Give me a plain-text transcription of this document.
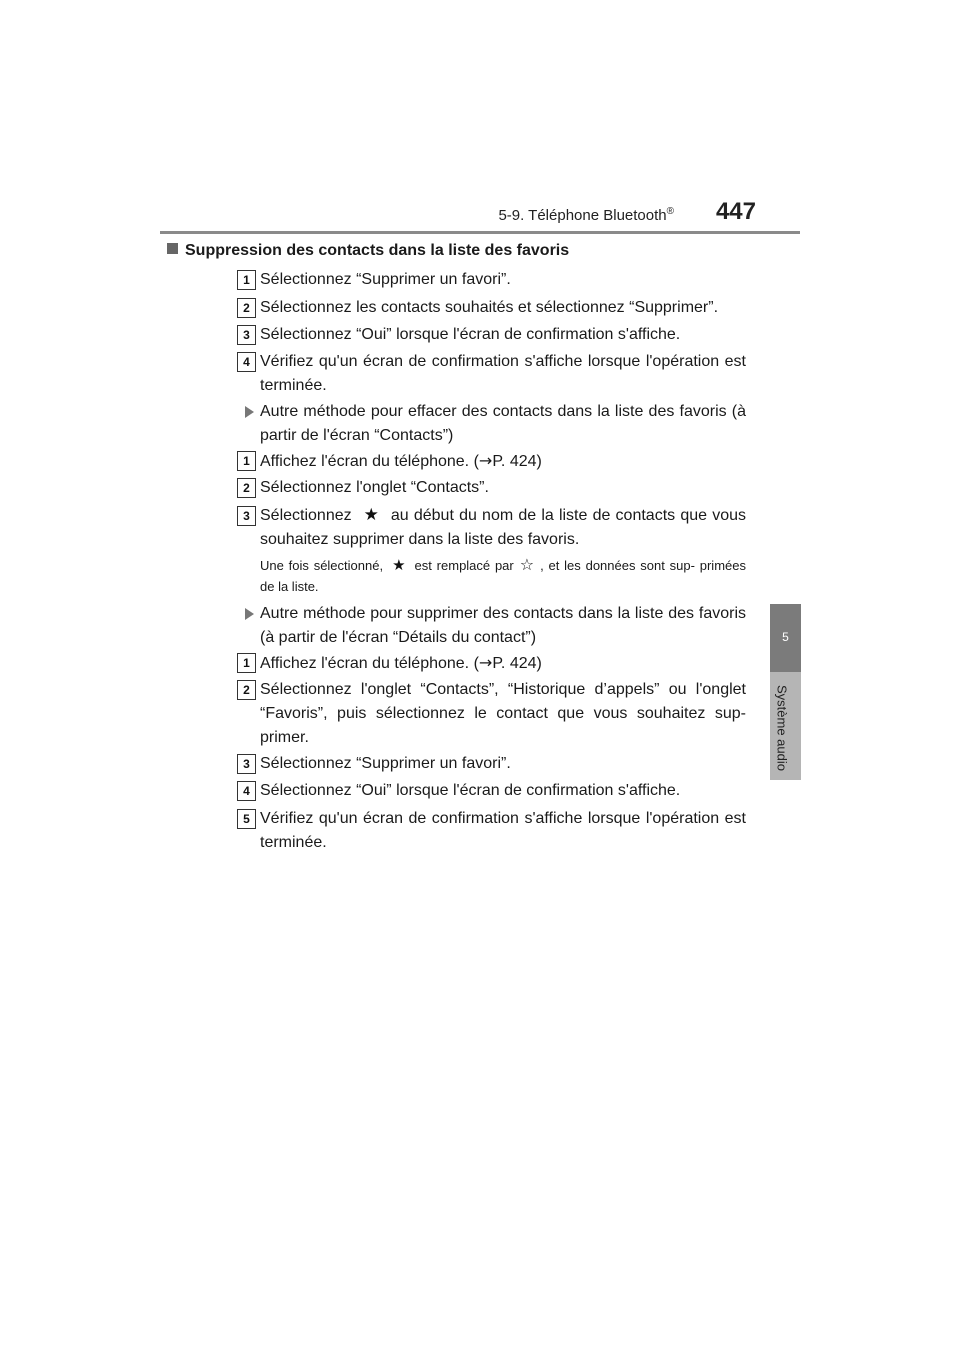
5-9. Téléphone Bluetooth® 447
5
Système audio
Suppression des contacts dans la liste des favoris
1 Sélectionnez “Supprimer un favori”.
2 Sélectionnez les contacts souhaités et sélectionnez “Supprimer”.
3 Sélectionnez “Oui” lorsque l'écran de confirmation s'affiche.
4 Vérifiez qu'un écran de confirmation s'affiche lorsque l'opération est terminée.
Autre méthode pour effacer des contacts dans la liste des favoris (à partir de l'écran “Contacts”)
1 Affichez l'écran du téléphone. (→P. 424)
2 Sélectionnez l'onglet “Contacts”.
3 Sélectionnez ★ au début du nom de la liste de contacts que vous souhaitez supprimer dans la liste des favoris.
Une fois sélectionné, ★ est remplacé par ☆ , et les données sont sup- primées de la liste.
Autre méthode pour supprimer des contacts dans la liste des favoris (à partir de l'écran “Détails du contact”)
1 Affichez l'écran du téléphone. (→P. 424)
2 Sélectionnez l'onglet “Contacts”, “Historique d’appels” ou l'onglet “Favoris”, puis sélectionnez le contact que vous souhaitez sup- primer.
3 Sélectionnez “Supprimer un favori”.
4 Sélectionnez “Oui” lorsque l'écran de confirmation s'affiche.
5 Vérifiez qu'un écran de confirmation s'affiche lorsque l'opération est terminée.
